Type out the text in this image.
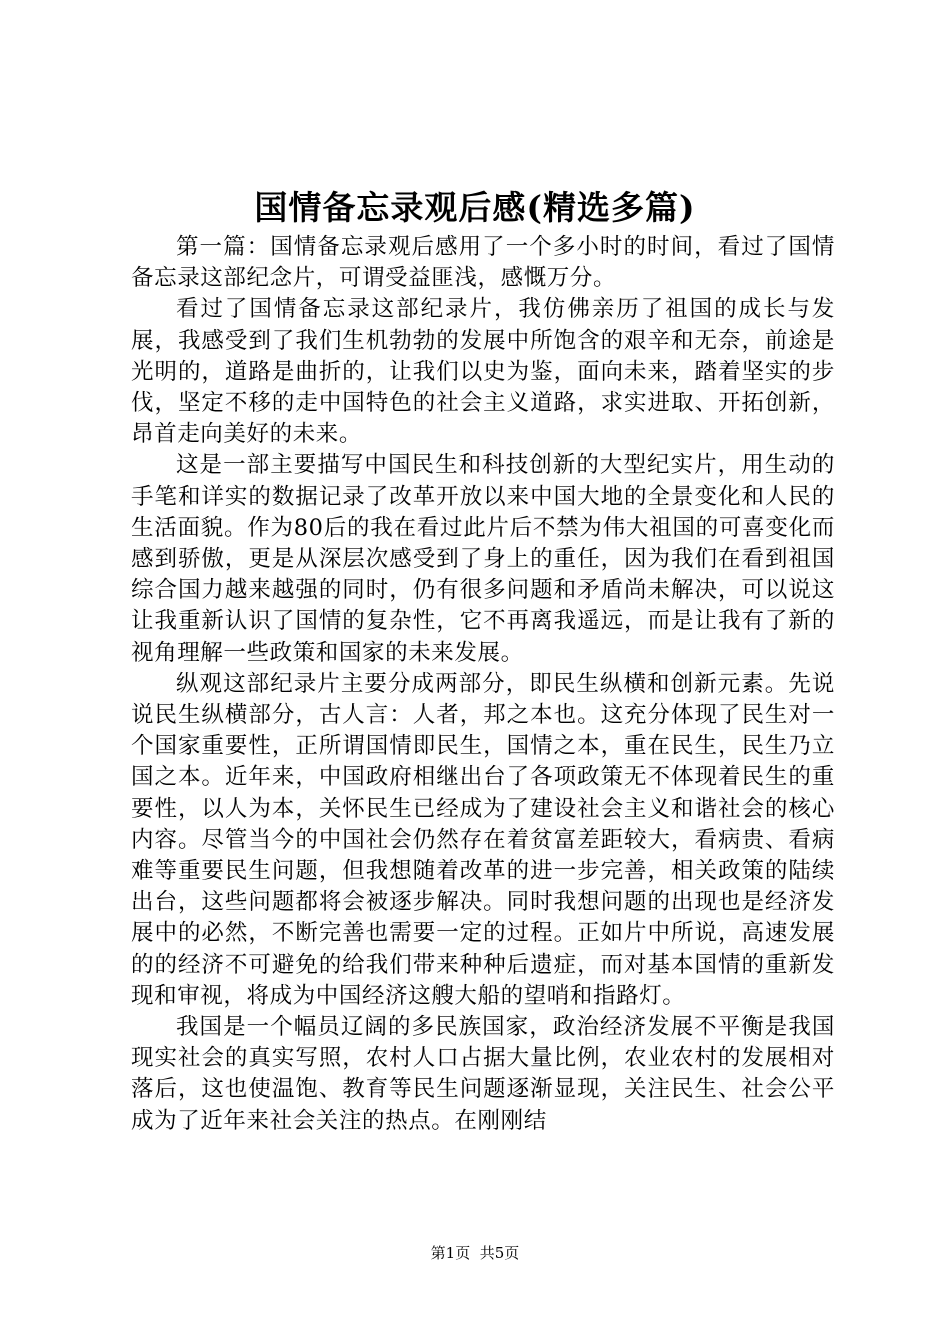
国情备忘录观后感(精选多篇)

第一篇：国情备忘录观后感用了一个多小时的时间，看过了国情备忘录这部纪念片，可谓受益匪浅，感慨万分。

看过了国情备忘录这部纪录片，我仿佛亲历了祖国的成长与发展，我感受到了我们生机勃勃的发展中所饱含的艰辛和无奈，前途是光明的，道路是曲折的，让我们以史为鉴，面向未来，踏着坚实的步伐，坚定不移的走中国特色的社会主义道路，求实进取、开拓创新，昂首走向美好的未来。

这是一部主要描写中国民生和科技创新的大型纪实片，用生动的手笔和详实的数据记录了改革开放以来中国大地的全景变化和人民的生活面貌。作为80后的我在看过此片后不禁为伟大祖国的可喜变化而感到骄傲，更是从深层次感受到了身上的重任，因为我们在看到祖国综合国力越来越强的同时，仍有很多问题和矛盾尚未解决，可以说这让我重新认识了国情的复杂性，它不再离我遥远，而是让我有了新的视角理解一些政策和国家的未来发展。

纵观这部纪录片主要分成两部分，即民生纵横和创新元素。先说说民生纵横部分，古人言：人者，邦之本也。这充分体现了民生对一个国家重要性，正所谓国情即民生，国情之本，重在民生，民生乃立国之本。近年来，中国政府相继出台了各项政策无不体现着民生的重要性，以人为本，关怀民生已经成为了建设社会主义和谐社会的核心内容。尽管当今的中国社会仍然存在着贫富差距较大，看病贵、看病难等重要民生问题，但我想随着改革的进一步完善，相关政策的陆续出台，这些问题都将会被逐步解决。同时我想问题的出现也是经济发展中的必然，不断完善也需要一定的过程。正如片中所说，高速发展的的经济不可避免的给我们带来种种后遗症，而对基本国情的重新发现和审视，将成为中国经济这艘大船的望哨和指路灯。

我国是一个幅员辽阔的多民族国家，政治经济发展不平衡是我国现实社会的真实写照，农村人口占据大量比例，农业农村的发展相对落后，这也使温饱、教育等民生问题逐渐显现，关注民生、社会公平成为了近年来社会关注的热点。在刚刚结

第1页 共5页
